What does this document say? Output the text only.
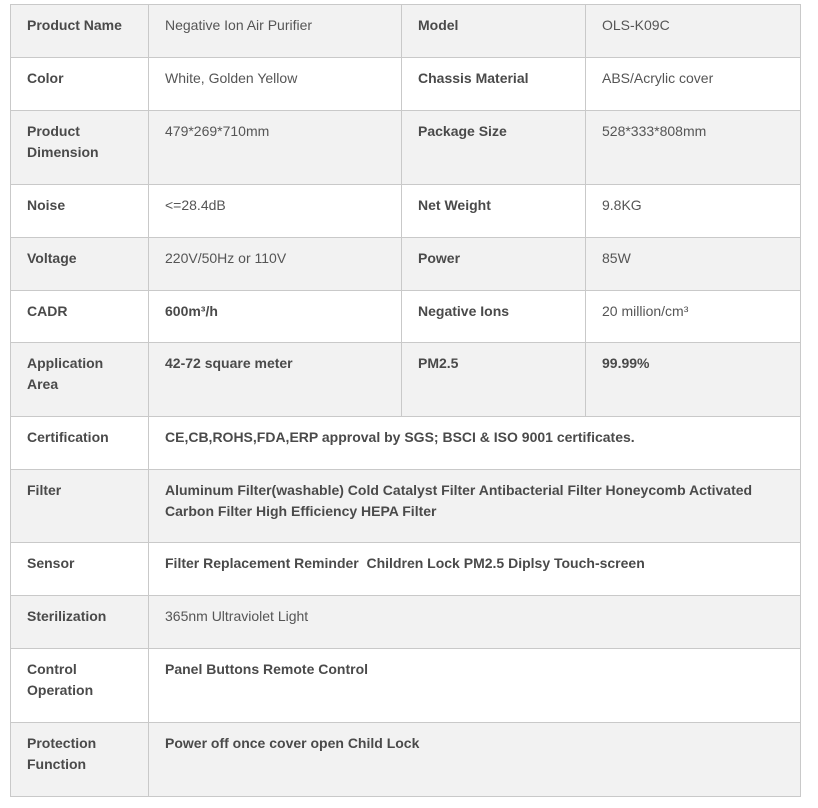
Product Name	Negative Ion Air Purifier	Model	OLS-K09C
Color	White, Golden Yellow	Chassis Material	ABS/Acrylic cover
Product Dimension	479*269*710mm	Package Size	528*333*808mm
Noise	<=28.4dB	Net Weight	9.8KG
Voltage	220V/50Hz or 110V	Power	85W
CADR	600m³/h	Negative Ions	20 million/cm³
Application Area	42-72 square meter	PM2.5	99.99%
Certification	CE,CB,ROHS,FDA,ERP approval by SGS; BSCI & ISO 9001 certificates.		
Filter	Aluminum Filter(washable) Cold Catalyst Filter Antibacterial Filter Honeycomb Activated Carbon Filter High Efficiency HEPA Filter		
Sensor	Filter Replacement Reminder  Children Lock PM2.5 Diplsy Touch-screen		
Sterilization	365nm Ultraviolet Light		
Control Operation	Panel Buttons Remote Control		
Protection Function	Power off once cover open Child Lock		
